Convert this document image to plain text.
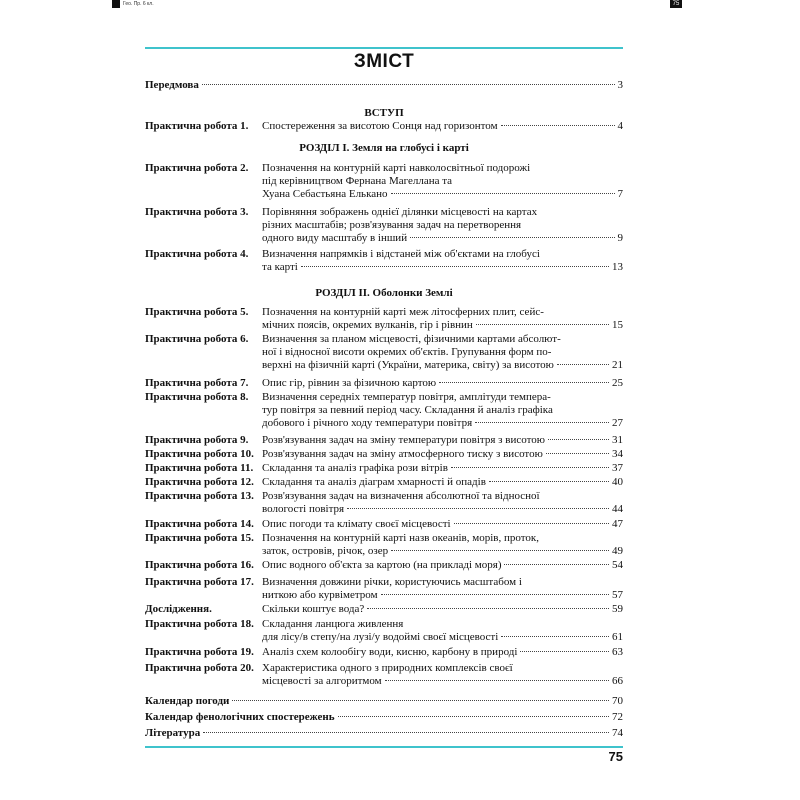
Гео. Пр. 6 кл.	75
ЗМІСТ
Передмова	3
ВСТУП
Практична робота 1. Спостереження за висотою Сонця над горизонтом	4
РОЗДІЛ І. Земля на глобусі і карті
Практична робота 2. Позначення на контурній карті навколосвітньої подорожі
під керівництвом Фернана Магеллана та
Хуана Себастьяна Елькано	7
Практична робота 3. Порівняння зображень однієї ділянки місцевості на картах
різних масштабів; розв'язування задач на перетворення
одного виду масштабу в інший	9
Практична робота 4. Визначення напрямків і відстаней між об'єктами на глобусі
та карті	13
РОЗДІЛ ІІ. Оболонки Землі
Практична робота 5. Позначення на контурній карті меж літосферних плит, сейс-
мічних поясів, окремих вулканів, гір і рівнин	15
Практична робота 6. Визначення за планом місцевості, фізичними картами абсолют-
ної і відносної висоти окремих об'єктів. Групування форм по-
верхні на фізичній карті (України, материка, світу) за висотою	21
Практична робота 7. Опис гір, рівнин за фізичною картою	25
Практична робота 8. Визначення середніх температур повітря, амплітуди темпера-
тур повітря за певний період часу. Складання й аналіз графіка
добового і річного ходу температури повітря	27
Практична робота 9. Розв'язування задач на зміну температури повітря з висотою	31
Практична робота 10. Розв'язування задач на зміну атмосферного тиску з висотою	34
Практична робота 11. Складання та аналіз графіка рози вітрів	37
Практична робота 12. Складання та аналіз діаграм хмарності й опадів	40
Практична робота 13. Розв'язування задач на визначення абсолютної та відносної
вологості повітря	44
Практична робота 14. Опис погоди та клімату своєї місцевості	47
Практична робота 15. Позначення на контурній карті назв океанів, морів, проток,
заток, островів, річок, озер	49
Практична робота 16. Опис водного об'єкта за картою (на прикладі моря)	54
Практична робота 17. Визначення довжини річки, користуючись масштабом і
ниткою або курвіметром	57
Дослідження.	Скільки коштує вода?	59
Практична робота 18. Складання ланцюга живлення
для лісу/в степу/на лузі/у водоймі своєї місцевості	61
Практична робота 19. Аналіз схем колообігу води, кисню, карбону в природі	63
Практична робота 20. Характеристика одного з природних комплексів своєї
місцевості за алгоритмом	66
Календар погоди	70
Календар фенологічних спостережень	72
Література	74
75
